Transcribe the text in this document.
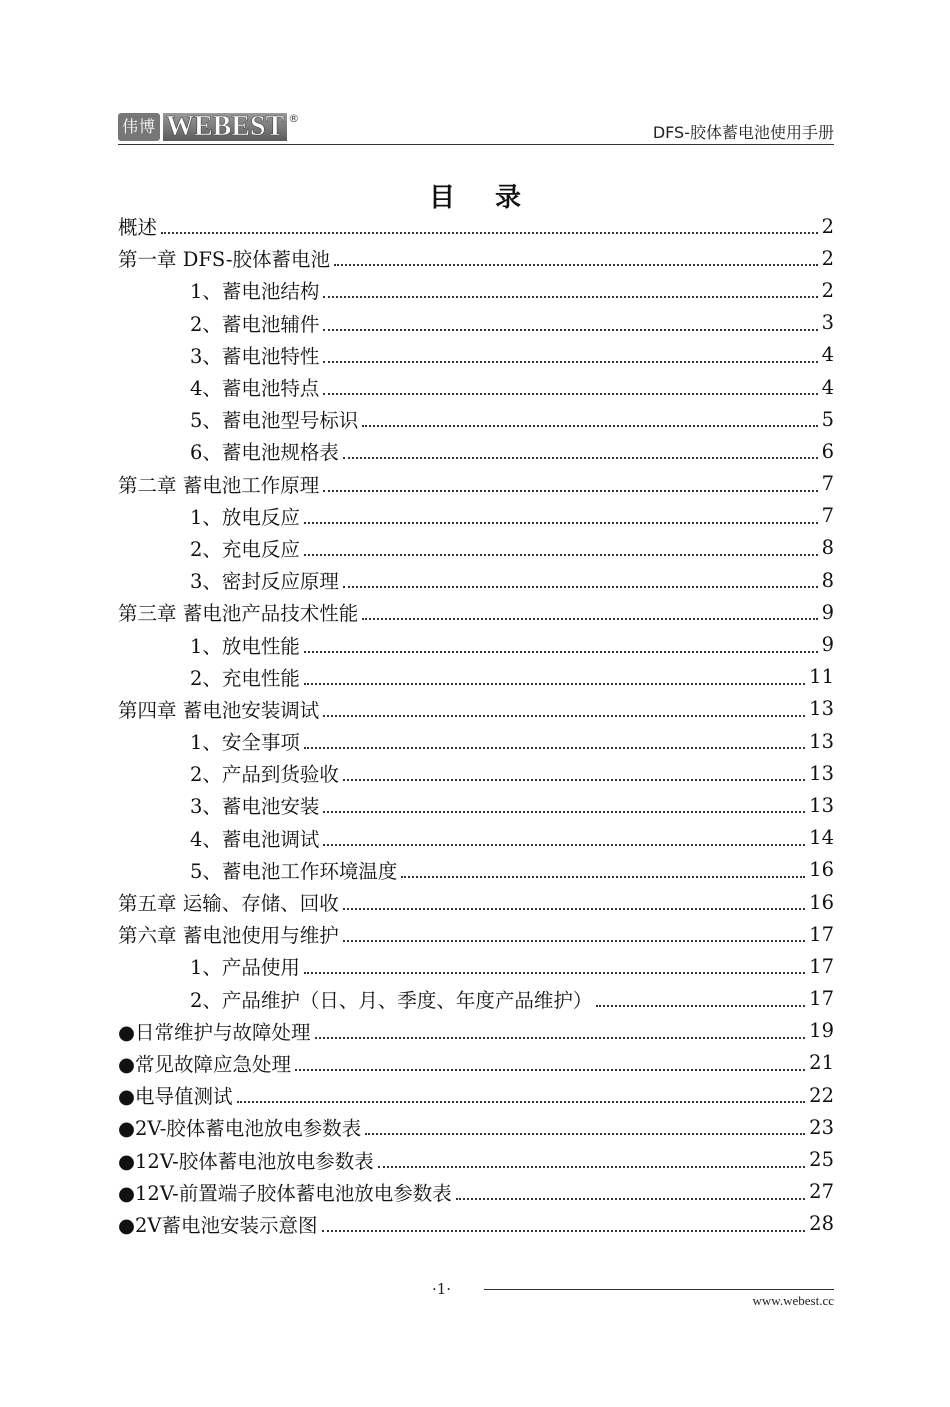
伟博 WEBEST ®
DFS-胶体蓄电池使用手册
目录
概述	2
第一章 DFS-胶体蓄电池	2
1、蓄电池结构	2
2、蓄电池辅件	3
3、蓄电池特性	4
4、蓄电池特点	4
5、蓄电池型号标识	5
6、蓄电池规格表	6
第二章 蓄电池工作原理	7
1、放电反应	7
2、充电反应	8
3、密封反应原理	8
第三章 蓄电池产品技术性能	9
1、放电性能	9
2、充电性能	11
第四章 蓄电池安装调试	13
1、安全事项	13
2、产品到货验收	13
3、蓄电池安装	13
4、蓄电池调试	14
5、蓄电池工作环境温度	16
第五章 运输、存储、回收	16
第六章 蓄电池使用与维护	17
1、产品使用	17
2、产品维护（日、月、季度、年度产品维护）	17
●日常维护与故障处理	19
●常见故障应急处理	21
●电导值测试	22
●2V-胶体蓄电池放电参数表	23
●12V-胶体蓄电池放电参数表	25
●12V-前置端子胶体蓄电池放电参数表	27
●2V蓄电池安装示意图	28
·1·
www.webest.cc
